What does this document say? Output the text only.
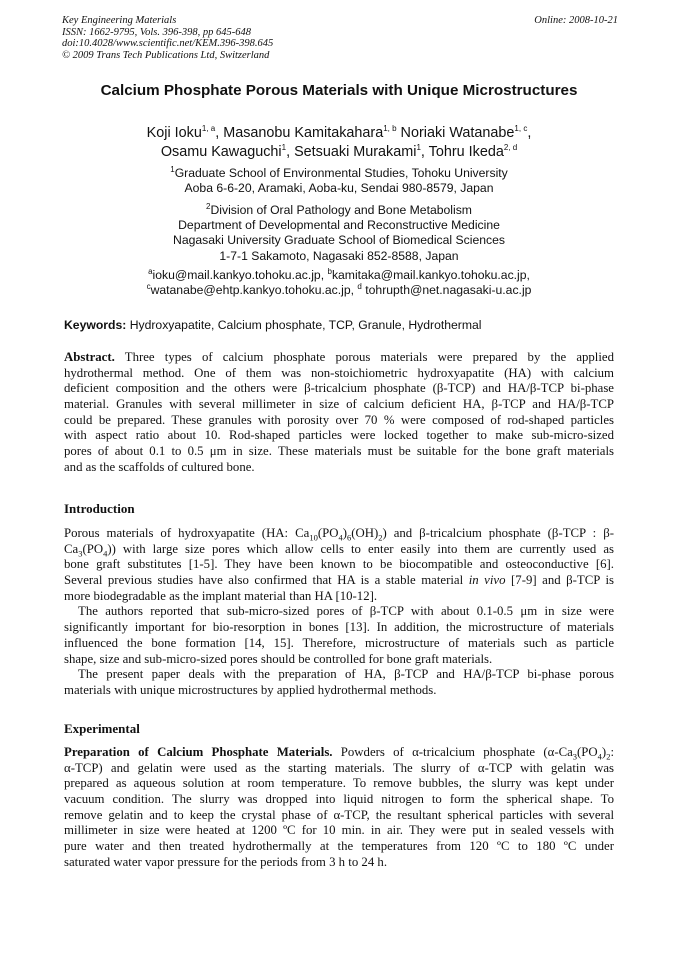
Key Engineering Materials
ISSN: 1662-9795, Vols. 396-398, pp 645-648
doi:10.4028/www.scientific.net/KEM.396-398.645
© 2009 Trans Tech Publications Ltd, Switzerland
Online: 2008-10-21
Calcium Phosphate Porous Materials with Unique Microstructures
Koji Ioku$^{1, a}$, Masanobu Kamitakahara$^{1, b}$ Noriaki Watanabe$^{1, c}$,
Osamu Kawaguchi$^1$, Setsuaki Murakami$^1$, Tohru Ikeda$^{2, d}$
$^1$Graduate School of Environmental Studies, Tohoku University
Aoba 6-6-20, Aramaki, Aoba-ku, Sendai 980-8579, Japan
$^2$Division of Oral Pathology and Bone Metabolism
Department of Developmental and Reconstructive Medicine
Nagasaki University Graduate School of Biomedical Sciences
1-7-1 Sakamoto, Nagasaki 852-8588, Japan
$^a$ioku@mail.kankyo.tohoku.ac.jp, $^b$kamitaka@mail.kankyo.tohoku.ac.jp,
$^c$watanabe@ehtp.kankyo.tohoku.ac.jp, $^d$ tohrupth@net.nagasaki-u.ac.jp
Keywords: Hydroxyapatite, Calcium phosphate, TCP, Granule, Hydrothermal
Abstract. Three types of calcium phosphate porous materials were prepared by the applied
hydrothermal method. One of them was non-stoichiometric hydroxyapatite (HA) with calcium
deficient composition and the others were β-tricalcium phosphate (β-TCP) and HA/β-TCP bi-phase
material. Granules with several millimeter in size of calcium deficient HA, β-TCP and HA/β-TCP
could be prepared. These granules with porosity over 70 % were composed of rod-shaped particles
with aspect ratio about 10. Rod-shaped particles were locked together to make sub-micro-sized
pores of about 0.1 to 0.5 μm in size. These materials must be suitable for the bone graft materials
and as the scaffolds of cultured bone.
Introduction
Porous materials of hydroxyapatite (HA: $Ca_{10}(PO_4)_6(OH)_2$) and β-tricalcium phosphate (β-TCP : β-
$Ca_3(PO_4)$) with large size pores which allow cells to enter easily into them are currently used as
bone graft substitutes [1-5]. They have been known to be biocompatible and osteoconductive [6].
Several previous studies have also confirmed that HA is a stable material in vivo [7-9] and β-TCP is
more biodegradable as the implant material than HA [10-12].
The authors reported that sub-micro-sized pores of β-TCP with about 0.1-0.5 μm in size were
significantly important for bio-resorption in bones [13]. In addition, the microstructure of materials
influenced the bone formation [14, 15]. Therefore, microstructure of materials such as particle
shape, size and sub-micro-sized pores should be controlled for bone graft materials.
The present paper deals with the preparation of HA, β-TCP and HA/β-TCP bi-phase porous
materials with unique microstructures by applied hydrothermal methods.
Experimental
Preparation of Calcium Phosphate Materials. Powders of α-tricalcium phosphate ($\alpha-Ca_3(PO_4)_2$:
α-TCP) and gelatin were used as the starting materials. The slurry of α-TCP with gelatin was
prepared as aqueous solution at room temperature. To remove bubbles, the slurry was kept under
vacuum condition. The slurry was dropped into liquid nitrogen to form the spherical shape. To
remove gelatin and to keep the crystal phase of α-TCP, the resultant spherical particles with several
millimeter in size were heated at 1200 ºC for 10 min. in air. They were put in sealed vessels with
pure water and then treated hydrothermally at the temperatures from 120 ºC to 180 ºC under
saturated water vapor pressure for the periods from 3 h to 24 h.
